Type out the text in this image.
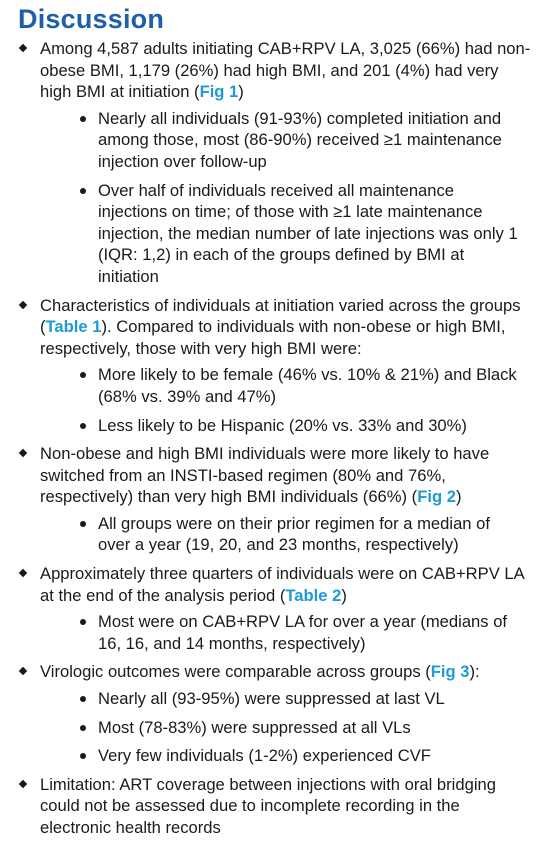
Discussion
Among 4,587 adults initiating CAB+RPV LA, 3,025 (66%) had non-obese BMI, 1,179 (26%) had high BMI, and 201 (4%) had very high BMI at initiation (Fig 1)
Nearly all individuals (91-93%) completed initiation and among those, most (86-90%) received ≥1 maintenance injection over follow-up
Over half of individuals received all maintenance injections on time; of those with ≥1 late maintenance injection, the median number of late injections was only 1 (IQR: 1,2) in each of the groups defined by BMI at initiation
Characteristics of individuals at initiation varied across the groups (Table 1). Compared to individuals with non-obese or high BMI, respectively, those with very high BMI were:
More likely to be female (46% vs. 10% & 21%) and Black (68% vs. 39% and 47%)
Less likely to be Hispanic (20% vs. 33% and 30%)
Non-obese and high BMI individuals were more likely to have switched from an INSTI-based regimen (80% and 76%, respectively) than very high BMI individuals (66%) (Fig 2)
All groups were on their prior regimen for a median of over a year (19, 20, and 23 months, respectively)
Approximately three quarters of individuals were on CAB+RPV LA at the end of the analysis period (Table 2)
Most were on CAB+RPV LA for over a year (medians of 16, 16, and 14 months, respectively)
Virologic outcomes were comparable across groups (Fig 3):
Nearly all (93-95%) were suppressed at last VL
Most (78-83%) were suppressed at all VLs
Very few individuals (1-2%) experienced CVF
Limitation: ART coverage between injections with oral bridging could not be assessed due to incomplete recording in the electronic health records
